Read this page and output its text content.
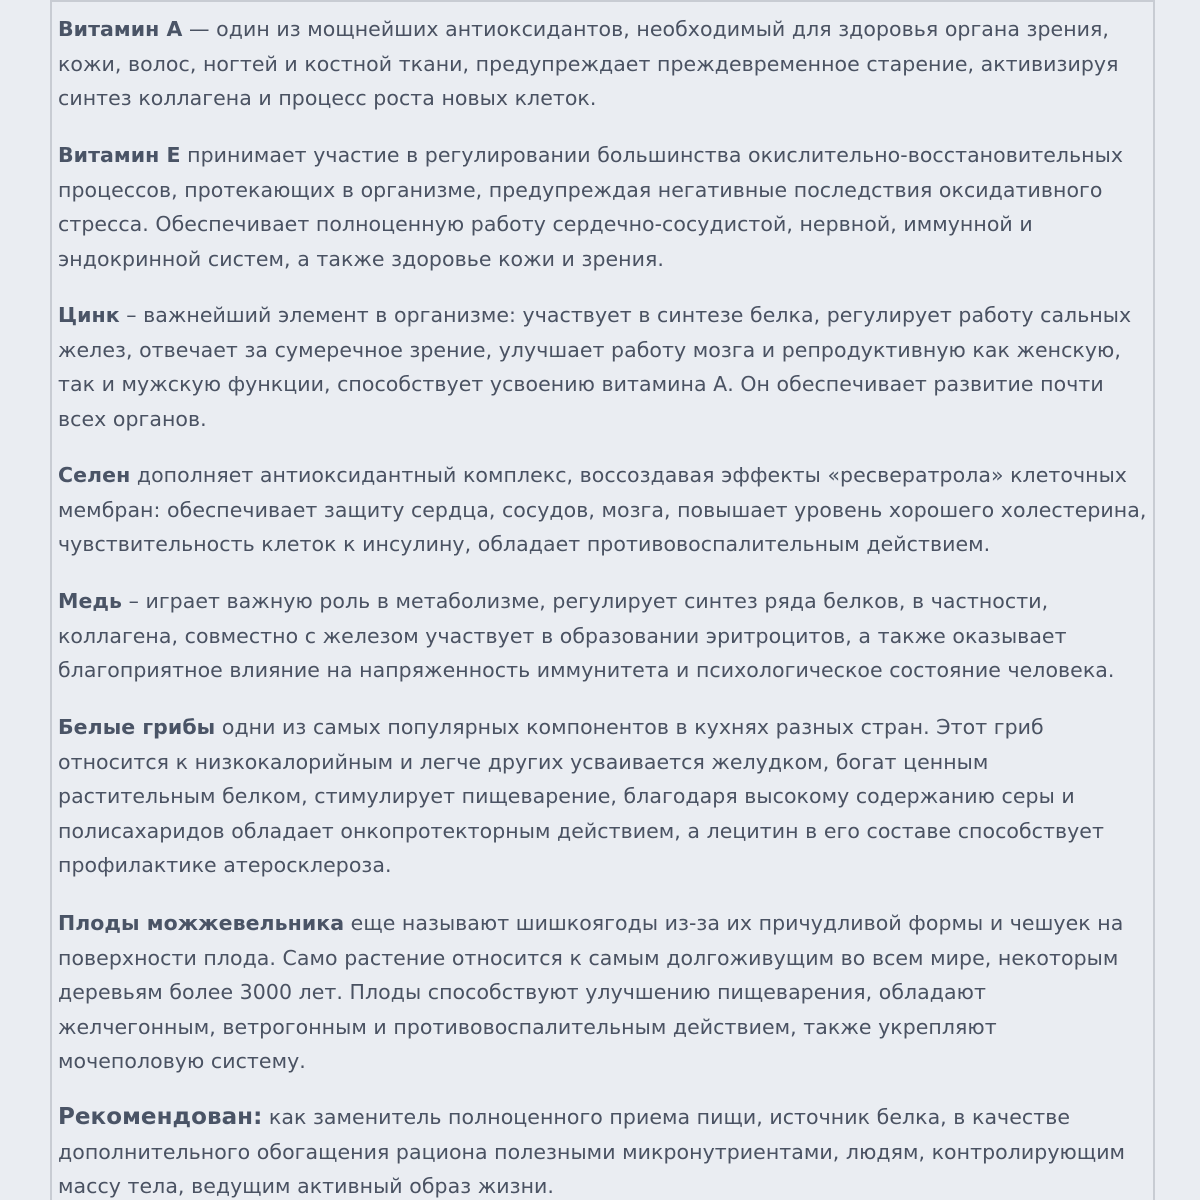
Витамин А — один из мощнейших антиоксидантов, необходимый для здоровья органа зрения, кожи, волос, ногтей и костной ткани, предупреждает преждевременное старение, активизируя синтез коллагена и процесс роста новых клеток.

Витамин Е принимает участие в регулировании большинства окислительно-восстановительных процессов, протекающих в организме, предупреждая негативные последствия оксидативного стресса. Обеспечивает полноценную работу сердечно-сосудистой, нервной, иммунной и эндокринной систем, а также здоровье кожи и зрения.

Цинк – важнейший элемент в организме: участвует в синтезе белка, регулирует работу сальных желез, отвечает за сумеречное зрение, улучшает работу мозга и репродуктивную как женскую, так и мужскую функции, способствует усвоению витамина А. Он обеспечивает развитие почти всех органов.

Селен дополняет антиоксидантный комплекс, воссоздавая эффекты «ресвератрола» клеточных мембран: обеспечивает защиту сердца, сосудов, мозга, повышает уровень хорошего холестерина, чувствительность клеток к инсулину, обладает противовоспалительным действием.

Медь – играет важную роль в метаболизме, регулирует синтез ряда белков, в частности, коллагена, совместно с железом участвует в образовании эритроцитов, а также оказывает благоприятное влияние на напряженность иммунитета и психологическое состояние человека.

Белые грибы одни из самых популярных компонентов в кухнях разных стран. Этот гриб относится к низкокалорийным и легче других усваивается желудком, богат ценным растительным белком, стимулирует пищеварение, благодаря высокому содержанию серы и полисахаридов обладает онкопротекторным действием, а лецитин в его составе способствует профилактике атеросклероза.

Плоды можжевельника еще называют шишкоягоды из-за их причудливой формы и чешуек на поверхности плода. Само растение относится к самым долгоживущим во всем мире, некоторым деревьям более 3000 лет. Плоды способствуют улучшению пищеварения, обладают желчегонным, ветрогонным и противовоспалительным действием, также укрепляют мочеполовую систему.

Рекомендован: как заменитель полноценного приема пищи, источник белка, в качестве дополнительного обогащения рациона полезными микронутриентами, людям, контролирующим массу тела, ведущим активный образ жизни.
